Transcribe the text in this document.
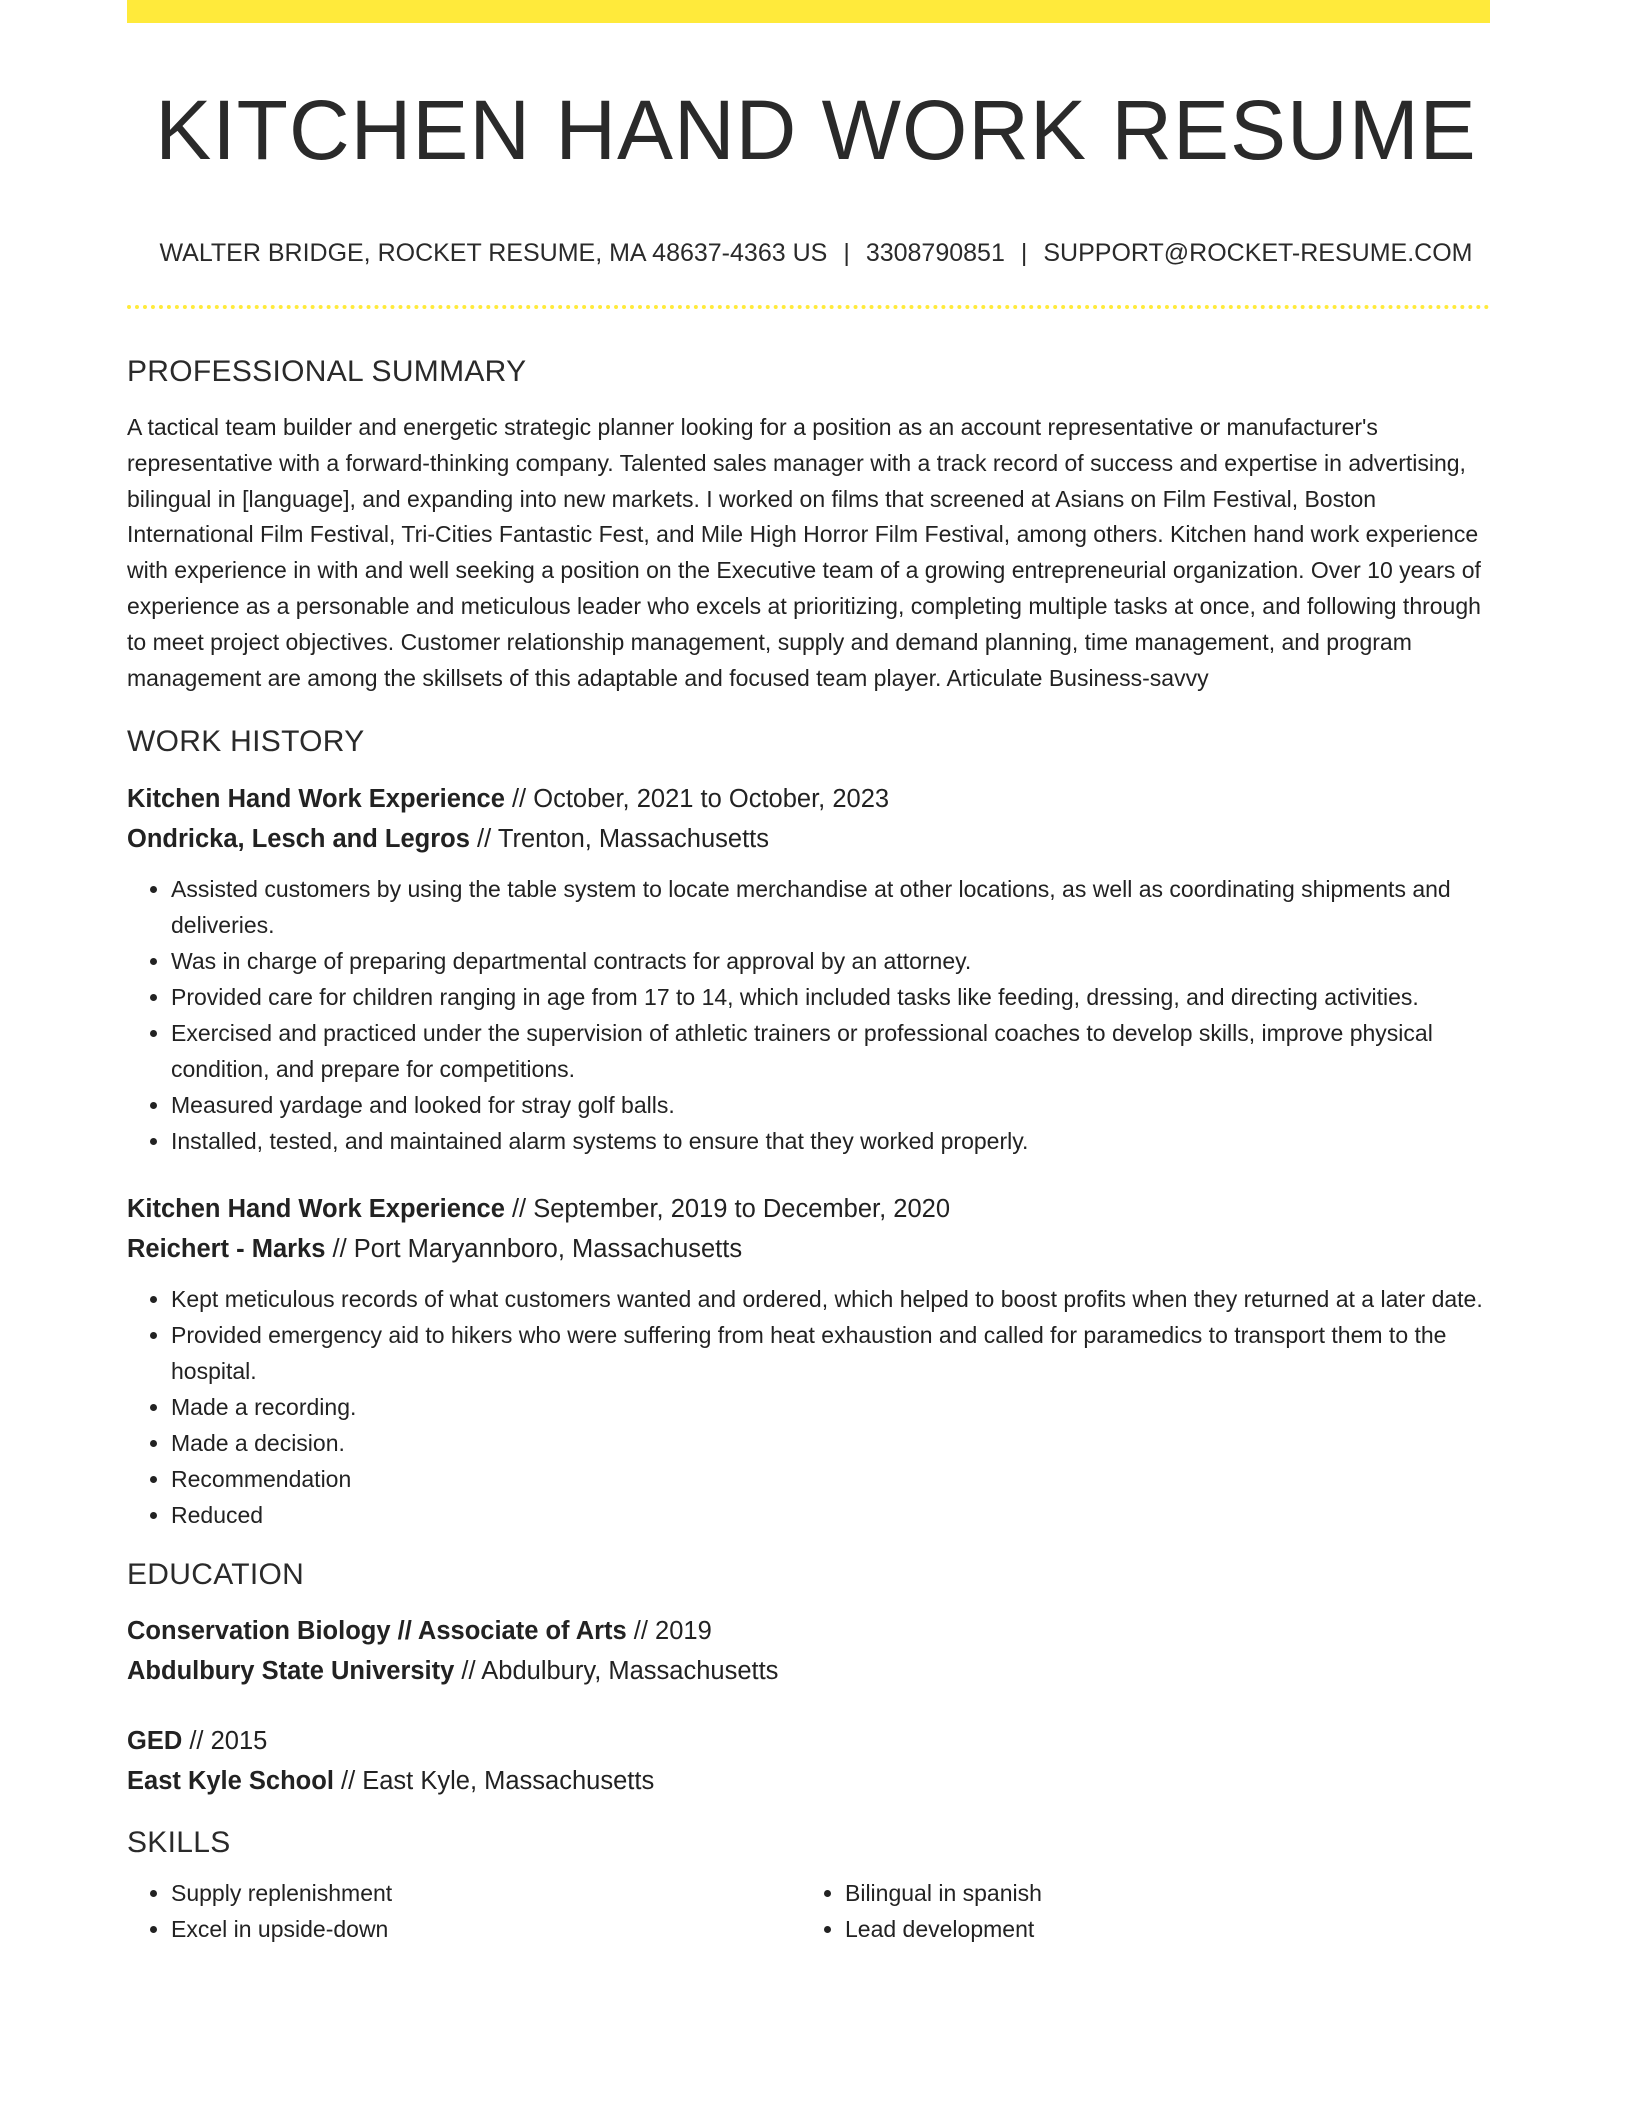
KITCHEN HAND WORK RESUME
WALTER BRIDGE, ROCKET RESUME, MA 48637-4363 US | 3308790851 | SUPPORT@ROCKET-RESUME.COM
PROFESSIONAL SUMMARY

A tactical team builder and energetic strategic planner looking for a position as an account representative or manufacturer's representative with a forward-thinking company. Talented sales manager with a track record of success and expertise in advertising, bilingual in [language], and expanding into new markets. I worked on films that screened at Asians on Film Festival, Boston International Film Festival, Tri-Cities Fantastic Fest, and Mile High Horror Film Festival, among others. Kitchen hand work experience with experience in with and well seeking a position on the Executive team of a growing entrepreneurial organization. Over 10 years of experience as a personable and meticulous leader who excels at prioritizing, completing multiple tasks at once, and following through to meet project objectives. Customer relationship management, supply and demand planning, time management, and program management are among the skillsets of this adaptable and focused team player. Articulate Business-savvy

WORK HISTORY
Kitchen Hand Work Experience // October, 2021 to October, 2023
Ondricka, Lesch and Legros // Trenton, Massachusetts
• Assisted customers by using the table system to locate merchandise at other locations, as well as coordinating shipments and deliveries.
• Was in charge of preparing departmental contracts for approval by an attorney.
• Provided care for children ranging in age from 17 to 14, which included tasks like feeding, dressing, and directing activities.
• Exercised and practiced under the supervision of athletic trainers or professional coaches to develop skills, improve physical condition, and prepare for competitions.
• Measured yardage and looked for stray golf balls.
• Installed, tested, and maintained alarm systems to ensure that they worked properly.
Kitchen Hand Work Experience // September, 2019 to December, 2020
Reichert - Marks // Port Maryannboro, Massachusetts
• Kept meticulous records of what customers wanted and ordered, which helped to boost profits when they returned at a later date.
• Provided emergency aid to hikers who were suffering from heat exhaustion and called for paramedics to transport them to the hospital.
• Made a recording.
• Made a decision.
• Recommendation
• Reduced
EDUCATION
Conservation Biology // Associate of Arts // 2019
Abdulbury State University // Abdulbury, Massachusetts
GED // 2015
East Kyle School // East Kyle, Massachusetts
SKILLS
• Supply replenishment
• Excel in upside-down
• Bilingual in spanish
• Lead development
